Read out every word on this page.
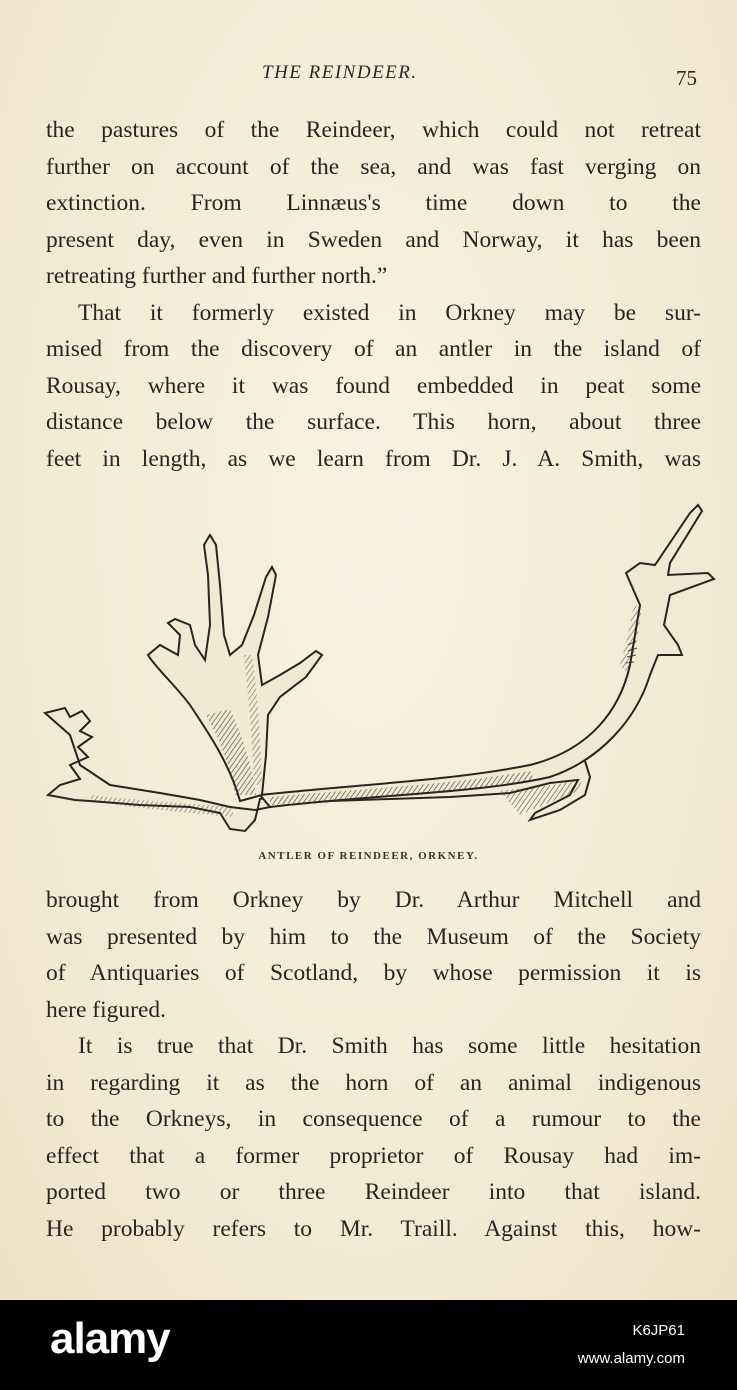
THE REINDEER.	75
the pastures of the Reindeer, which could not retreat
further on account of the sea, and was fast verging on
extinction. From Linnæus's time down to the
present day, even in Sweden and Norway, it has been
retreating further and further north.”
That it formerly existed in Orkney may be sur-
mised from the discovery of an antler in the island of
Rousay, where it was found embedded in peat some
distance below the surface. This horn, about three
feet in length, as we learn from Dr. J. A. Smith, was
ANTLER OF REINDEER, ORKNEY.
brought from Orkney by Dr. Arthur Mitchell and
was presented by him to the Museum of the Society
of Antiquaries of Scotland, by whose permission it is
here figured.
It is true that Dr. Smith has some little hesitation
in regarding it as the horn of an animal indigenous
to the Orkneys, in consequence of a rumour to the
effect that a former proprietor of Rousay had im-
ported two or three Reindeer into that island.
He probably refers to Mr. Traill. Against this, how-
alamy	K6JP61
www.alamy.com
